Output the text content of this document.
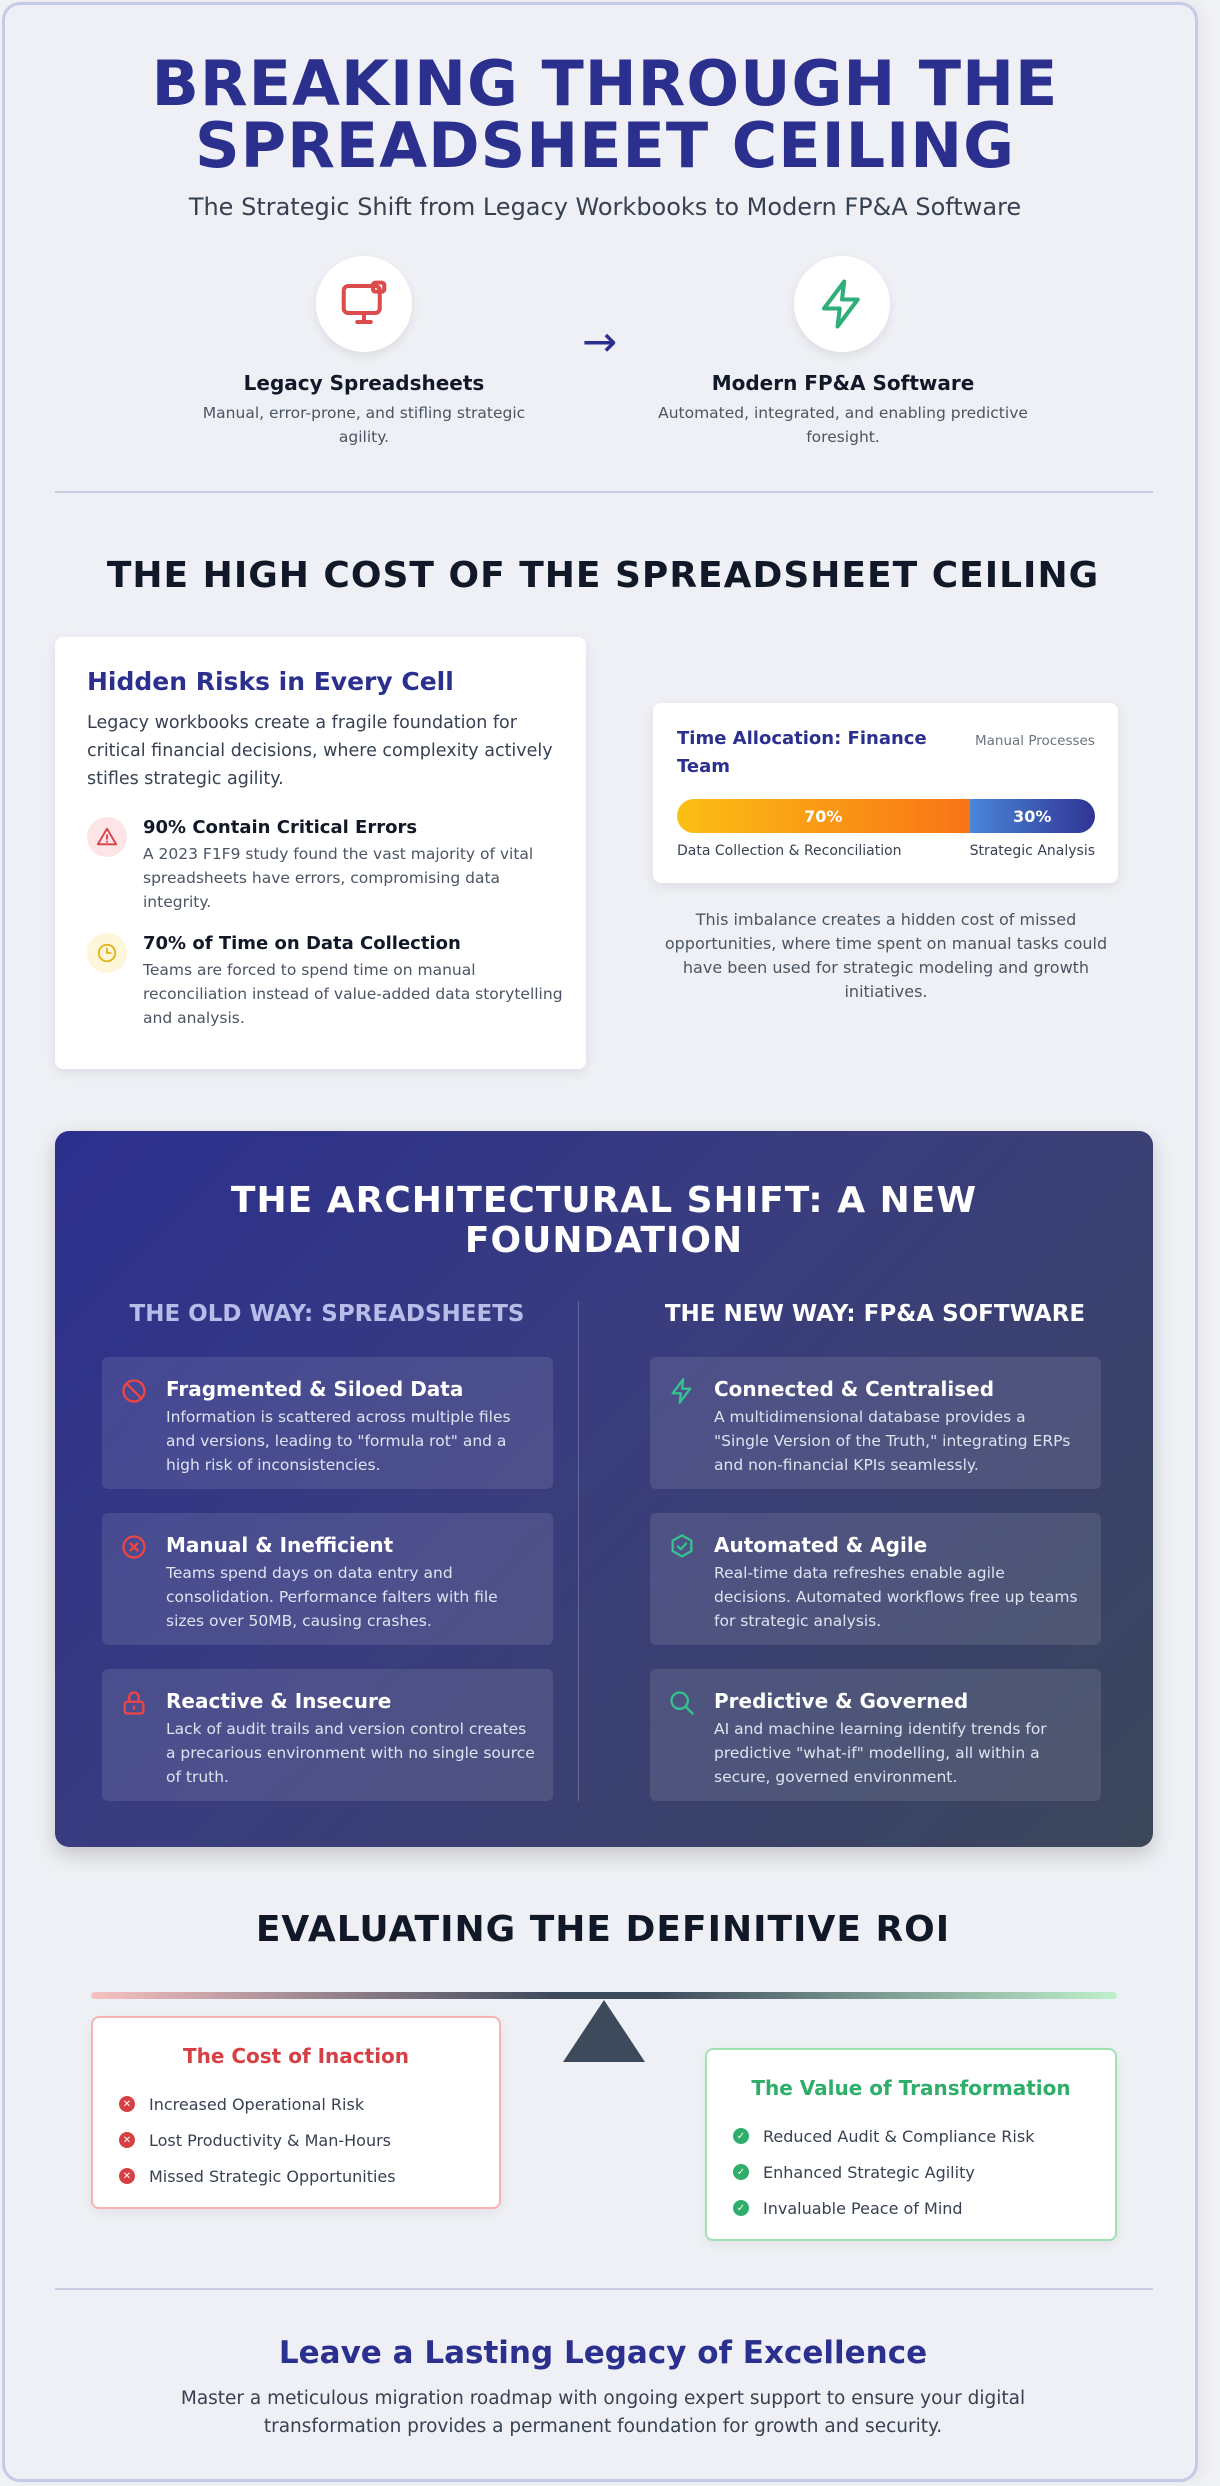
BREAKING THROUGH THE
SPREADSHEET CEILING
The Strategic Shift from Legacy Workbooks to Modern FP&A Software
Legacy Spreadsheets
Manual, error-prone, and stifling strategic agility.
→
Modern FP&A Software
Automated, integrated, and enabling predictive foresight.
THE HIGH COST OF THE SPREADSHEET CEILING
Hidden Risks in Every Cell
Legacy workbooks create a fragile foundation for critical financial decisions, where complexity actively stifles strategic agility.
90% Contain Critical Errors
A 2023 F1F9 study found the vast majority of vital spreadsheets have errors, compromising data integrity.
70% of Time on Data Collection
Teams are forced to spend time on manual reconciliation instead of value-added data storytelling and analysis.
Time Allocation: Finance Team
Manual Processes
70%	30%
Data Collection & Reconciliation	Strategic Analysis
This imbalance creates a hidden cost of missed opportunities, where time spent on manual tasks could have been used for strategic modeling and growth initiatives.
THE ARCHITECTURAL SHIFT: A NEW FOUNDATION
THE OLD WAY: SPREADSHEETS	THE NEW WAY: FP&A SOFTWARE
Fragmented & Siloed Data
Information is scattered across multiple files and versions, leading to "formula rot" and a high risk of inconsistencies.
Manual & Inefficient
Teams spend days on data entry and consolidation. Performance falters with file sizes over 50MB, causing crashes.
Reactive & Insecure
Lack of audit trails and version control creates a precarious environment with no single source of truth.
Connected & Centralised
A multidimensional database provides a "Single Version of the Truth," integrating ERPs and non-financial KPIs seamlessly.
Automated & Agile
Real-time data refreshes enable agile decisions. Automated workflows free up teams for strategic analysis.
Predictive & Governed
AI and machine learning identify trends for predictive "what-if" modelling, all within a secure, governed environment.
EVALUATING THE DEFINITIVE ROI
The Cost of Inaction
✕ Increased Operational Risk
✕ Lost Productivity & Man-Hours
✕ Missed Strategic Opportunities
The Value of Transformation
✓ Reduced Audit & Compliance Risk
✓ Enhanced Strategic Agility
✓ Invaluable Peace of Mind
Leave a Lasting Legacy of Excellence
Master a meticulous migration roadmap with ongoing expert support to ensure your digital transformation provides a permanent foundation for growth and security.
